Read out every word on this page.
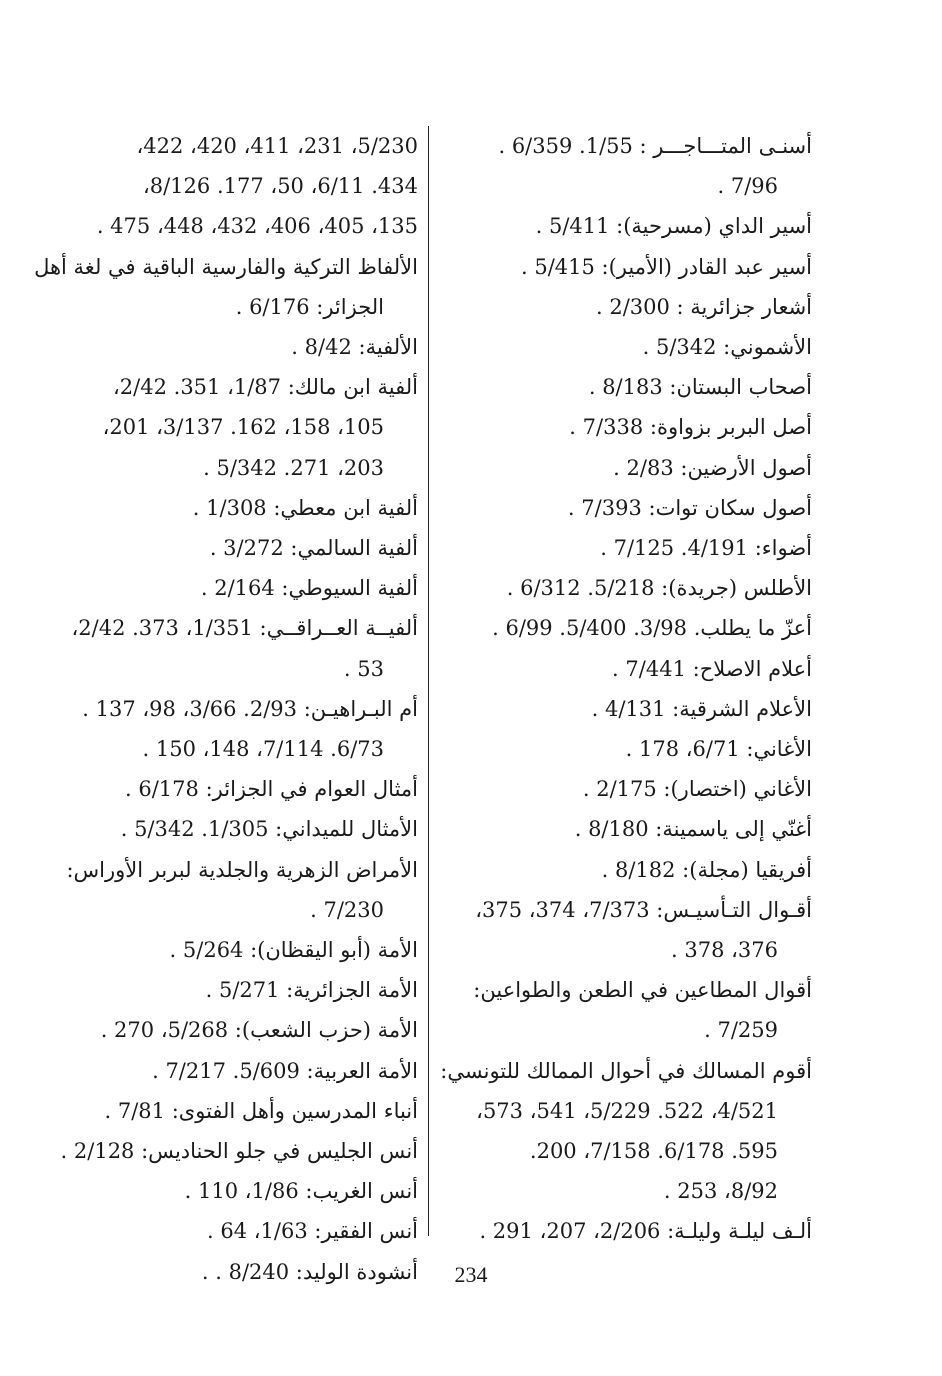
أسنـى المتـــاجـــر : 1/55. 6/359 .
7/96 .
أسير الداي (مسرحية): 5/411 .
أسير عبد القادر (الأمير): 5/415 .
أشعار جزائرية : 2/300 .
الأشموني: 5/342 .
أصحاب البستان: 8/183 .
أصل البربر بزواوة: 7/338 .
أصول الأرضين: 2/83 .
أصول سكان توات: 7/393 .
أضواء: 4/191. 7/125 .
الأطلس (جريدة): 5/218. 6/312 .
أعزّ ما يطلب. 3/98. 5/400. 6/99 .
أعلام الاصلاح: 7/441 .
الأعلام الشرقية: 4/131 .
الأغاني: 6/71، 178 .
الأغاني (اختصار): 2/175 .
أغنّي إلى ياسمينة: 8/180 .
أفريقيا (مجلة): 8/182 .
أقـوال التـأسيـس: 7/373، 374، 375،
376، 378 .
أقوال المطاعين في الطعن والطواعين:
7/259 .
أقوم المسالك في أحوال الممالك للتونسي:
4/521، 522. 5/229، 541، 573،
595. 6/178. 7/158، 200.
8/92، 253 .
ألـف ليلـة وليلـة: 2/206، 207، 291 .
5/230، 231، 411، 420، 422،
434. 6/11، 50، 177. 8/126،
135، 405، 406، 432، 448، 475 .
الألفاظ التركية والفارسية الباقية في لغة أهل
الجزائر: 6/176 .
الألفية: 8/42 .
ألفية ابن مالك: 1/87، 351. 2/42،
105، 158، 162. 3/137، 201،
203، 271. 5/342 .
ألفية ابن معطي: 1/308 .
ألفية السالمي: 3/272 .
ألفية السيوطي: 2/164 .
ألفيــة العــراقــي: 1/351، 373. 2/42،
53 .
أم البـراهيـن: 2/93. 3/66، 98، 137 .
6/73. 7/114، 148، 150 .
أمثال العوام في الجزائر: 6/178 .
الأمثال للميداني: 1/305. 5/342 .
الأمراض الزهرية والجلدية لبربر الأوراس:
7/230 .
الأمة (أبو اليقظان): 5/264 .
الأمة الجزائرية: 5/271 .
الأمة (حزب الشعب): 5/268، 270 .
الأمة العربية: 5/609. 7/217 .
أنباء المدرسين وأهل الفتوى: 7/81 .
أنس الجليس في جلو الحناديس: 2/128 .
أنس الغريب: 1/86، 110 .
أنس الفقير: 1/63، 64 .
أنشودة الوليد: 8/240 . .	234
